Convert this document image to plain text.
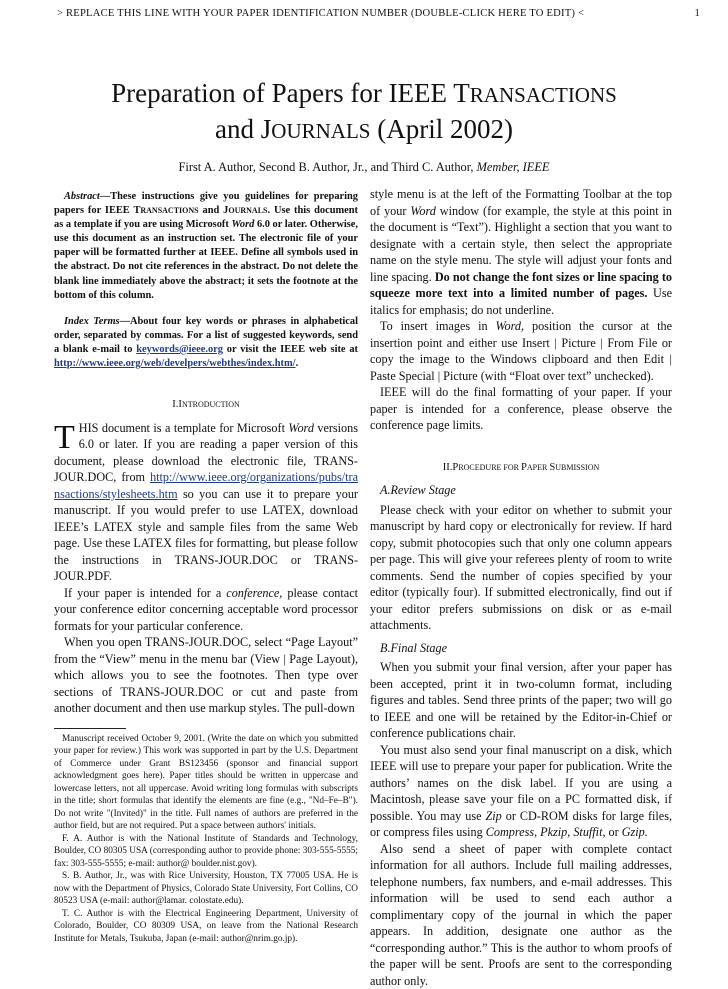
> REPLACE THIS LINE WITH YOUR PAPER IDENTIFICATION NUMBER (DOUBLE-CLICK HERE TO EDIT) <	1
Preparation of Papers for IEEE TRANSACTIONS
and JOURNALS (April 2002)
First A. Author, Second B. Author, Jr., and Third C. Author, Member, IEEE

Abstract—These instructions give you guidelines for preparing papers for IEEE TRANSACTIONS and JOURNALS. Use this document as a template if you are using Microsoft Word 6.0 or later. Otherwise, use this document as an instruction set. The electronic file of your paper will be formatted further at IEEE. Define all symbols used in the abstract. Do not cite references in the abstract. Do not delete the blank line immediately above the abstract; it sets the footnote at the bottom of this column.

Index Terms—About four key words or phrases in alphabetical order, separated by commas. For a list of suggested keywords, send a blank e-mail to keywords@ieee.org or visit the IEEE web site at http://www.ieee.org/web/develpers/webthes/index.htm/.

I.INTRODUCTION

THIS document is a template for Microsoft Word versions 6.0 or later. If you are reading a paper version of this document, please download the electronic file, TRANS-JOUR.DOC, from http://www.ieee.org/organizations/pubs/transactions/stylesheets.htm so you can use it to prepare your manuscript. If you would prefer to use LATEX, download IEEE’s LATEX style and sample files from the same Web page. Use these LATEX files for formatting, but please follow the instructions in TRANS-JOUR.DOC or TRANS-JOUR.PDF.

If your paper is intended for a conference, please contact your conference editor concerning acceptable word processor formats for your particular conference.

When you open TRANS-JOUR.DOC, select “Page Layout” from the “View” menu in the menu bar (View | Page Layout), which allows you to see the footnotes. Then type over sections of TRANS-JOUR.DOC or cut and paste from another document and then use markup styles. The pull-down

Manuscript received October 9, 2001. (Write the date on which you submitted your paper for review.) This work was supported in part by the U.S. Department of Commerce under Grant BS123456 (sponsor and financial support acknowledgment goes here). Paper titles should be written in uppercase and lowercase letters, not all uppercase. Avoid writing long formulas with subscripts in the title; short formulas that identify the elements are fine (e.g., "Nd–Fe–B"). Do not write "(Invited)" in the title. Full names of authors are preferred in the author field, but are not required. Put a space between authors' initials.

F. A. Author is with the National Institute of Standards and Technology, Boulder, CO 80305 USA (corresponding author to provide phone: 303-555-5555; fax: 303-555-5555; e-mail: author@ boulder.nist.gov).

S. B. Author, Jr., was with Rice University, Houston, TX 77005 USA. He is now with the Department of Physics, Colorado State University, Fort Collins, CO 80523 USA (e-mail: author@lamar. colostate.edu).

T. C. Author is with the Electrical Engineering Department, University of Colorado, Boulder, CO 80309 USA, on leave from the National Research Institute for Metals, Tsukuba, Japan (e-mail: author@nrim.go.jp).

style menu is at the left of the Formatting Toolbar at the top of your Word window (for example, the style at this point in the document is “Text”). Highlight a section that you want to designate with a certain style, then select the appropriate name on the style menu. The style will adjust your fonts and line spacing. Do not change the font sizes or line spacing to squeeze more text into a limited number of pages. Use italics for emphasis; do not underline.

To insert images in Word, position the cursor at the insertion point and either use Insert | Picture | From File or copy the image to the Windows clipboard and then Edit | Paste Special | Picture (with “Float over text” unchecked).

IEEE will do the final formatting of your paper. If your paper is intended for a conference, please observe the conference page limits.

II.PROCEDURE FOR PAPER SUBMISSION
A.Review Stage

Please check with your editor on whether to submit your manuscript by hard copy or electronically for review. If hard copy, submit photocopies such that only one column appears per page. This will give your referees plenty of room to write comments. Send the number of copies specified by your editor (typically four). If submitted electronically, find out if your editor prefers submissions on disk or as e-mail attachments.

B.Final Stage

When you submit your final version, after your paper has been accepted, print it in two-column format, including figures and tables. Send three prints of the paper; two will go to IEEE and one will be retained by the Editor-in-Chief or conference publications chair.

You must also send your final manuscript on a disk, which IEEE will use to prepare your paper for publication. Write the authors’ names on the disk label. If you are using a Macintosh, please save your file on a PC formatted disk, if possible. You may use Zip or CD-ROM disks for large files, or compress files using Compress, Pkzip, Stuffit, or Gzip.

Also send a sheet of paper with complete contact information for all authors. Include full mailing addresses, telephone numbers, fax numbers, and e-mail addresses. This information will be used to send each author a complimentary copy of the journal in which the paper appears. In addition, designate one author as the “corresponding author.” This is the author to whom proofs of the paper will be sent. Proofs are sent to the corresponding author only.
